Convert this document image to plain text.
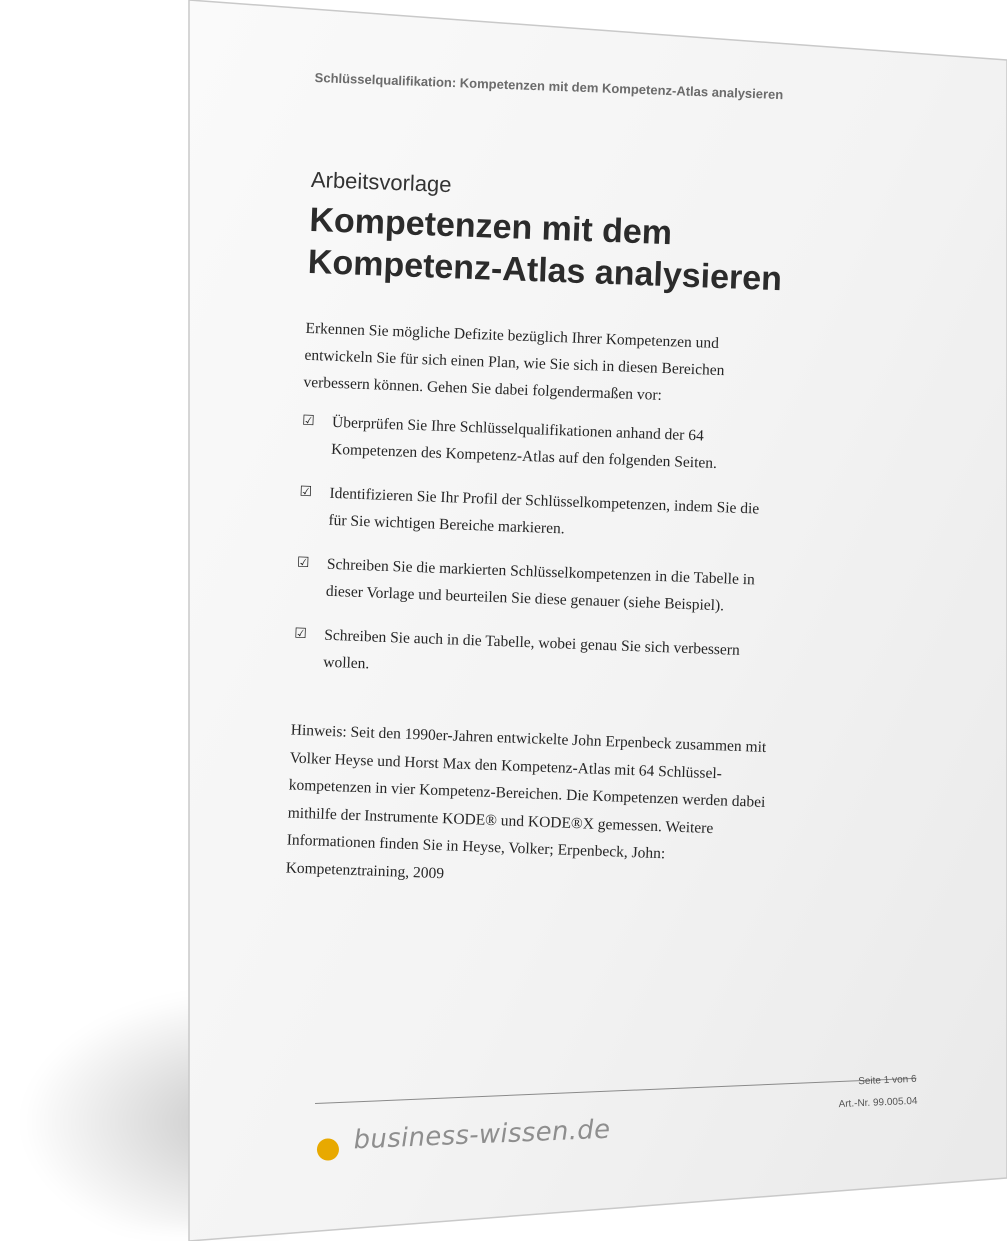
Schlüsselqualifikation: Kompetenzen mit dem Kompetenz-Atlas analysieren

Arbeitsvorlage

Kompetenzen mit dem
Kompetenz-Atlas analysieren

Erkennen Sie mögliche Defizite bezüglich Ihrer Kompetenzen und entwickeln Sie für sich einen Plan, wie Sie sich in diesen Bereichen verbessern können. Gehen Sie dabei folgendermaßen vor:

☑	Überprüfen Sie Ihre Schlüsselqualifikationen anhand der 64 Kompetenzen des Kompetenz-Atlas auf den folgenden Seiten.
☑	Identifizieren Sie Ihr Profil der Schlüsselkompetenzen, indem Sie die für Sie wichtigen Bereiche markieren.
☑	Schreiben Sie die markierten Schlüsselkompetenzen in die Tabelle in dieser Vorlage und beurteilen Sie diese genauer (siehe Beispiel).
☑	Schreiben Sie auch in die Tabelle, wobei genau Sie sich verbessern wollen.

Hinweis: Seit den 1990er-Jahren entwickelte John Erpenbeck zusammen mit Volker Heyse und Horst Max den Kompetenz-Atlas mit 64 Schlüssel-kompetenzen in vier Kompetenz-Bereichen. Die Kompetenzen werden dabei mithilfe der Instrumente KODE® und KODE®X gemessen. Weitere Informationen finden Sie in Heyse, Volker; Erpenbeck, John: Kompetenztraining, 2009

Seite 1 von 6
Art.-Nr. 99.005.04
business-wissen.de
